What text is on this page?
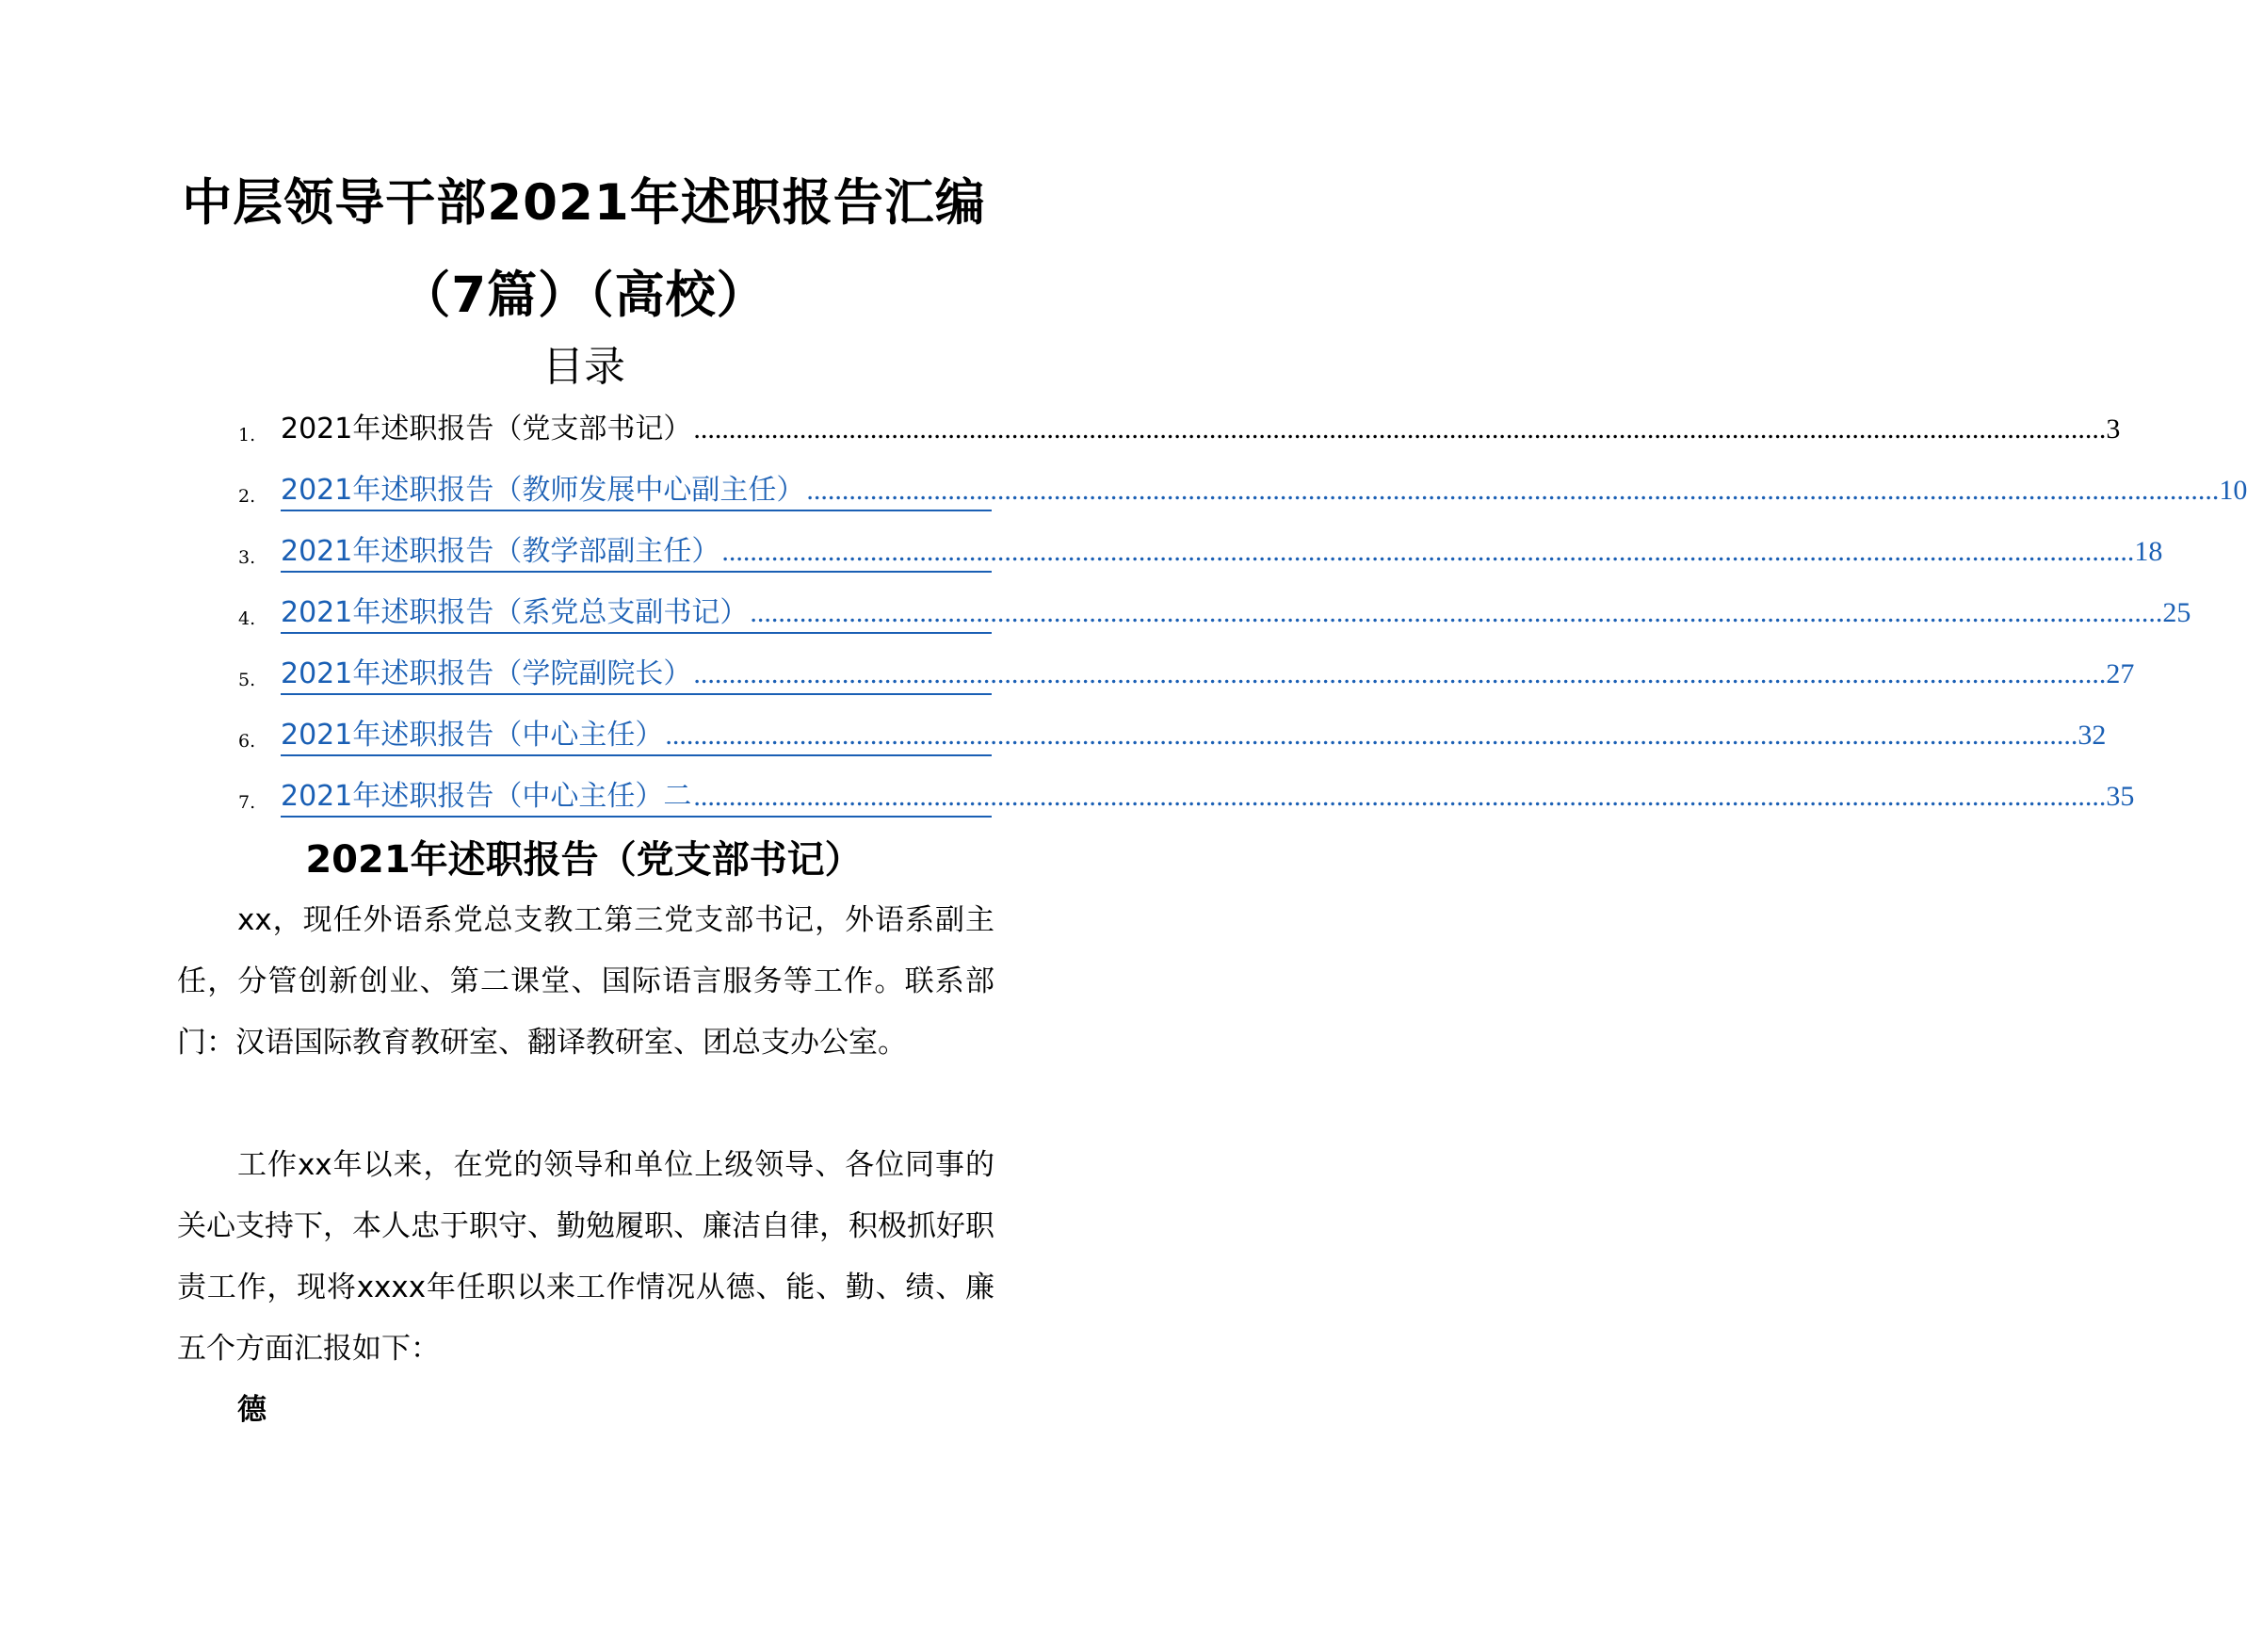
中层领导干部2021年述职报告汇编
（7篇）（高校）
目录
1. 2021年述职报告（党支部书记） ........................................................................................................................................................................................................ 3
2. 2021年述职报告（教师发展中心副主任） ........................................................................................................................................................................................................ 10
3. 2021年述职报告（教学部副主任） ........................................................................................................................................................................................................ 18
4. 2021年述职报告（系党总支副书记） ........................................................................................................................................................................................................ 25
5. 2021年述职报告（学院副院长） ........................................................................................................................................................................................................ 27
6. 2021年述职报告（中心主任） ........................................................................................................................................................................................................ 32
7. 2021年述职报告（中心主任）二 ........................................................................................................................................................................................................ 35
2021年述职报告（党支部书记）

xx，现任外语系党总支教工第三党支部书记，外语系副主任，分管创新创业、第二课堂、国际语言服务等工作。联系部门：汉语国际教育教研室、翻译教研室、团总支办公室。

工作xx年以来，在党的领导和单位上级领导、各位同事的关心支持下，本人忠于职守、勤勉履职、廉洁自律，积极抓好职责工作，现将xxxx年任职以来工作情况从德、能、勤、绩、廉五个方面汇报如下：

德
